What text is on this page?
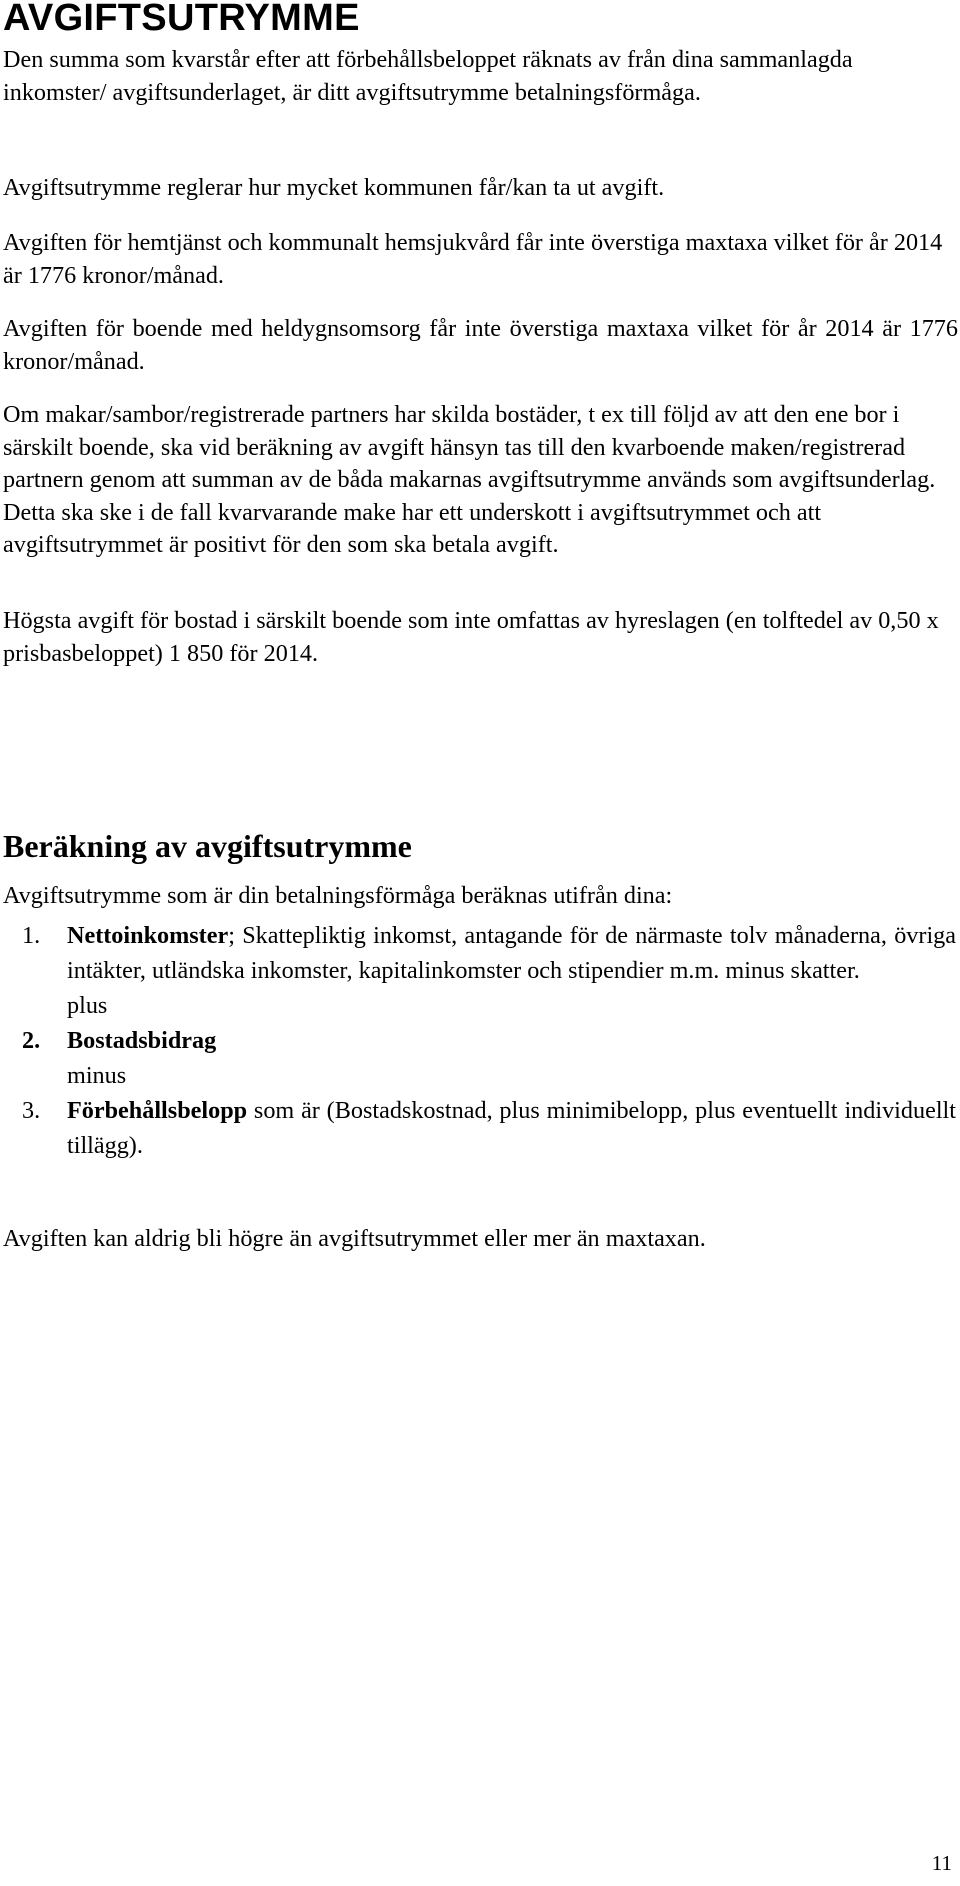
AVGIFTSUTRYMME

Den summa som kvarstår efter att förbehållsbeloppet räknats av från dina sammanlagda inkomster/ avgiftsunderlaget, är ditt avgiftsutrymme betalningsförmåga.

Avgiftsutrymme reglerar hur mycket kommunen får/kan ta ut avgift.

Avgiften för hemtjänst och kommunalt hemsjukvård får inte överstiga maxtaxa vilket för år 2014 är 1776 kronor/månad.

Avgiften för boende med heldygnsomsorg får inte överstiga maxtaxa vilket för år 2014 är 1776 kronor/månad.

Om makar/sambor/registrerade partners har skilda bostäder, t ex till följd av att den ene bor i särskilt boende, ska vid beräkning av avgift hänsyn tas till den kvarboende maken/registrerad partnern genom att summan av de båda makarnas avgiftsutrymme används som avgiftsunderlag. Detta ska ske i de fall kvarvarande make har ett underskott i avgiftsutrymmet och att avgiftsutrymmet är positivt för den som ska betala avgift.

Högsta avgift för bostad i särskilt boende som inte omfattas av hyreslagen (en tolftedel av 0,50 x prisbasbeloppet) 1 850 för 2014.

Beräkning av avgiftsutrymme

Avgiftsutrymme som är din betalningsförmåga beräknas utifrån dina:

1. Nettoinkomster; Skattepliktig inkomst, antagande för de närmaste tolv månaderna, övriga intäkter, utländska inkomster, kapitalinkomster och stipendier m.m. minus skatter.
plus
2. Bostadsbidrag
minus
3. Förbehållsbelopp som är (Bostadskostnad, plus minimibelopp, plus eventuellt individuellt tillägg).

Avgiften kan aldrig bli högre än avgiftsutrymmet eller mer än maxtaxan.

11
